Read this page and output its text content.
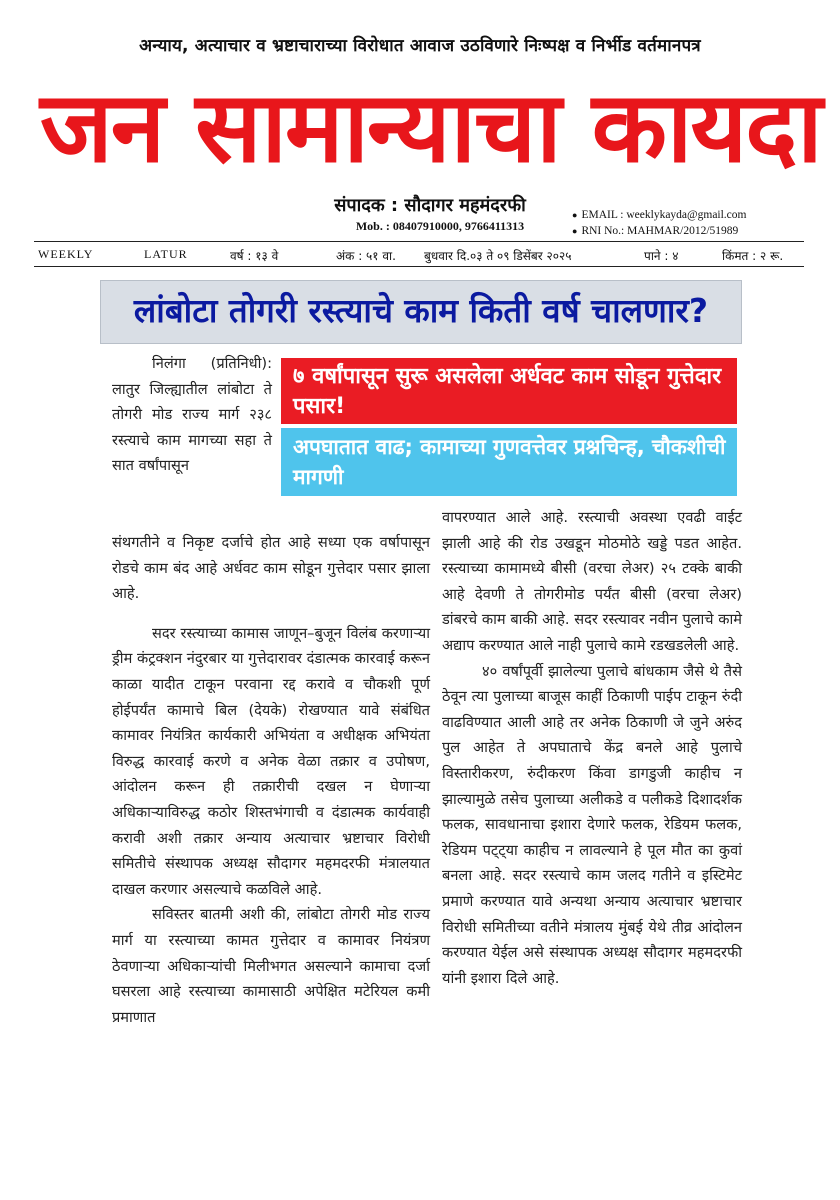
अन्याय, अत्याचार व भ्रष्टाचाराच्या विरोधात आवाज उठविणारे निःष्पक्ष व निर्भीड वर्तमानपत्र
जन सामान्याचा कायदा
संपादक : सौदागर महमंदरफी
Mob. : 08407910000, 9766411313
● EMAIL : weeklykayda@gmail.com
● RNI No.: MAHMAR/2012/51989
WEEKLY	LATUR	वर्ष : १३ वे	अंक : ५१ वा. बुधवार दि.०३ ते ०९ डिसेंबर २०२५	पाने : ४	किंमत : २ रू.
लांबोटा तोगरी रस्त्याचे काम किती वर्ष चालणार?
७ वर्षांपासून सुरू असलेला अर्धवट काम सोडून गुत्तेदार पसार!
अपघातात वाढ; कामाच्या गुणवत्तेवर प्रश्नचिन्ह, चौकशीची मागणी

निलंगा (प्रतिनिधी): लातुर जिल्ह्यातील लांबोटा ते तोगरी मोड राज्य मार्ग २३८ रस्त्याचे काम मागच्या सहा ते सात वर्षांपासून

संथगतीने व निकृष्ट दर्जाचे होत आहे सध्या एक वर्षापासून रोडचे काम बंद आहे अर्धवट काम सोडून गुत्तेदार पसार झाला आहे.

सदर रस्त्याच्या कामास जाणून–बुजून विलंब करणाऱ्या ड्रीम कंट्रक्शन नंदुरबार या गुत्तेदारावर दंडात्मक कारवाई करून काळा यादीत टाकून परवाना रद्द करावे व चौकशी पूर्ण होईपर्यंत कामाचे बिल (देयके) रोखण्यात यावे संबंधित कामावर नियंत्रित कार्यकारी अभियंता व अधीक्षक अभियंता विरुद्ध कारवाई करणे व अनेक वेळा तक्रार व उपोषण, आंदोलन करून ही तक्रारीची दखल न घेणाऱ्या अधिकाऱ्याविरुद्ध कठोर शिस्तभंगाची व दंडात्मक कार्यवाही करावी अशी तक्रार अन्याय अत्याचार भ्रष्टाचार विरोधी समितीचे संस्थापक अध्यक्ष सौदागर महमदरफी मंत्रालयात दाखल करणार असल्याचे कळविले आहे.

सविस्तर बातमी अशी की, लांबोटा तोगरी मोड राज्य मार्ग या रस्त्याच्या कामत गुत्तेदार व कामावर नियंत्रण ठेवणाऱ्या अधिकाऱ्यांची मिलीभगत असल्याने कामाचा दर्जा घसरला आहे रस्त्याच्या कामासाठी अपेक्षित मटेरियल कमी प्रमाणात

वापरण्यात आले आहे. रस्त्याची अवस्था एवढी वाईट झाली आहे की रोड उखडून मोठमोठे खड्डे पडत आहेत. रस्त्याच्या कामामध्ये बीसी (वरचा लेअर) २५ टक्के बाकी आहे देवणी ते तोगरीमोड पर्यंत बीसी (वरचा लेअर) डांबरचे काम बाकी आहे. सदर रस्त्यावर नवीन पुलाचे कामे अद्याप करण्यात आले नाही पुलाचे कामे रडखडलेली आहे.

४० वर्षांपूर्वी झालेल्या पुलाचे बांधकाम जैसे थे तैसे ठेवून त्या पुलाच्या बाजूस काहीं ठिकाणी पाईप टाकून रुंदी वाढविण्यात आली आहे तर अनेक ठिकाणी जे जुने अरुंद पुल आहेत ते अपघाताचे केंद्र बनले आहे पुलाचे विस्तारीकरण, रुंदीकरण किंवा डागडुजी काहीच न झाल्यामुळे तसेच पुलाच्या अलीकडे व पलीकडे दिशादर्शक फलक, सावधानाचा इशारा देणारे फलक, रेडियम फलक, रेडियम पट्ट्या काहीच न लावल्याने हे पूल मौत का कुवां बनला आहे. सदर रस्त्याचे काम जलद गतीने व इस्टिमेट प्रमाणे करण्यात यावे अन्यथा अन्याय अत्याचार भ्रष्टाचार विरोधी समितीच्या वतीने मंत्रालय मुंबई येथे तीव्र आंदोलन करण्यात येईल असे संस्थापक अध्यक्ष सौदागर महमदरफी यांनी इशारा दिले आहे.
